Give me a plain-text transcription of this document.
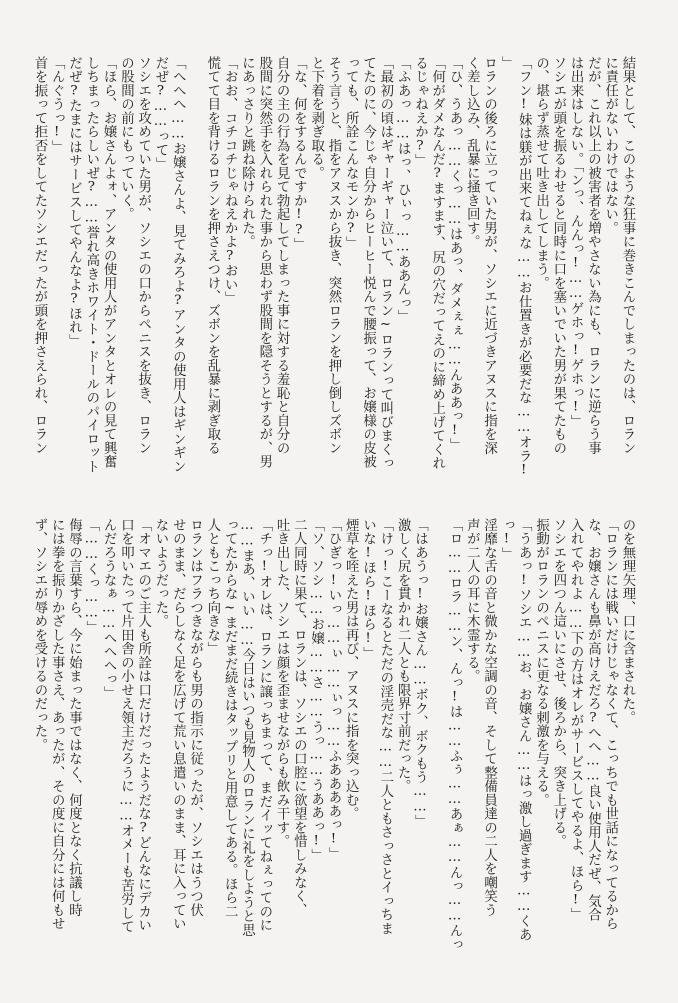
結果として、このような狂事に巻きこんでしまったのは、ロラン
に責任がないわけではない。
だが、これ以上の被害者を増やさない為にも、ロランに逆らう事
は出来はしない。「ンっ、んんっ!……ゲホっ!ゲホっ!」
ソシエが頭を振るわせると同時に口を塞いでいた男が果てたもの
の、堪らず蒸せて吐き出してしまう。
「フン!妹は躾が出来てねぇな……お仕置きが必要だな……オラ!
」
ロランの後ろに立っていた男が、ソシエに近づきアヌスに指を深
く差し込み、乱暴に掻き回す。
「ひ、うあっ……くっ……はあっ、ダメぇぇ……んああっ!」
「何がダメなんだ?ますます、尻の穴だってえのに締め上げてくれ
るじゃねえか?」
「ふあっ……はっ、ひぃっ……ああんっ」
「最初の頃はギャーギャー泣いて、ロラン~ロランって叫びまくっ
てたのに、今じゃ自分からヒーヒー悦んで腰振って、お嬢様の皮被
っても、所詮こんなモンか?」
そう言うと、指をアヌスから抜き、突然ロランを押し倒しズボン
と下着を剥ぎ取る。
「な、何をするんですか!?」
自分の主の行為を見て勃起してしまった事に対する羞恥と自分の
股間に突然手を入れられた事から思わず股間を隠そうとするが、男
にあっさりと跳ね除けられた。
「おお、コチコチじゃねえかよ?おい」
慌てて目を背けるロランを押さえつけ、ズボンを乱暴に剥ぎ取る

「へへへ……お嬢さんよ、見てみろよ?アンタの使用人はギンギン
だぜ?……って」
ソシエを攻めていた男が、ソシエの口からペニスを抜き、ロラン
の股間の前にもっていく。
「ほら、お嬢さんよォ、アンタの使用人がアンタとオレの見て興奮
しちまったらしいぜ?……誉れ高きホワイト・ドールのパイロット
だぜ?たまにはサービスしてやんなよ?ほれ」
「んぐうっ!」
首を振って拒否をしてたソシエだったが頭を押さえられ、ロラン
のを無理矢理、口に含まされた。
「ロランには戦いだけじゃなくて、こっちでも世話になってるから
な、お嬢さんも鼻が高けえだろ?へへ……良い使用人だぜ、気合
入れてやれよ……下の方はオレがサービスしてやるよ、ほら!」
ソシエを四つん這いにさせ、後ろから、突き上げる。
振動がロランのペニスに更なる刺激を与える。
「うあっ!ソシエ……お、お嬢さん……はっ激し過ぎます……くあ
っ!」
淫靡な舌の音と微かな空調の音、そして整備員達の二人を嘲笑う
声が二人の耳に木霊する。
「ロ……ロラ……ン、んっ!は……ふぅ……あぁ……んっ……んっ

「はあうっ!お嬢さん……ボク、ボクもう……」
激しく尻を貫かれ二人とも限界寸前だった。
「けっ!こーなるとただの淫売だな……二人ともさっさとイっちま
いな!ほら!ほら!」
煙草を咥えた男は再び、アヌスに指を突っ込む。
「ひぎっ!いっ……ぃ……ぃっ……ふああああっ!」
「ソ、ソシ……お嬢……さ……うっ……うああっ!」
二人同時に果て、ロランは、ソシエの口腔に欲望を惜しみなく、
吐き出した、ソシエは顔を歪ませながらも飲み干す。
「チっ!オレは、ロランに譲っちまって、まだイッてねぇってのに
……まあ、いい……今日はいつも見物人のロランに礼をしようと思
ってたからな~まだまだ続きはタップリと用意してある。ほら二
人ともこっち向きな」
ロランはフラつきながらも男の指示に従ったが、ソシエはうつ伏
せのまま、だらしなく足を広げて荒い息遣いのまま、耳に入ってい
ないようだった。
「オマエのご主人も所詮は口だけだったようだな?どんなにデカい
口を叩いたって片田舎の小せえ領主だろうに……オメーも苦労して
んだろうなぁ……へへへっ」
「……くっ……」
侮辱の言葉すら、今に始まった事ではなく、何度となく抗議し時
には拳を振りかざした事さえ、あったが、その度に自分には何もせ
ず、ソシエが辱めを受けるのだった。
